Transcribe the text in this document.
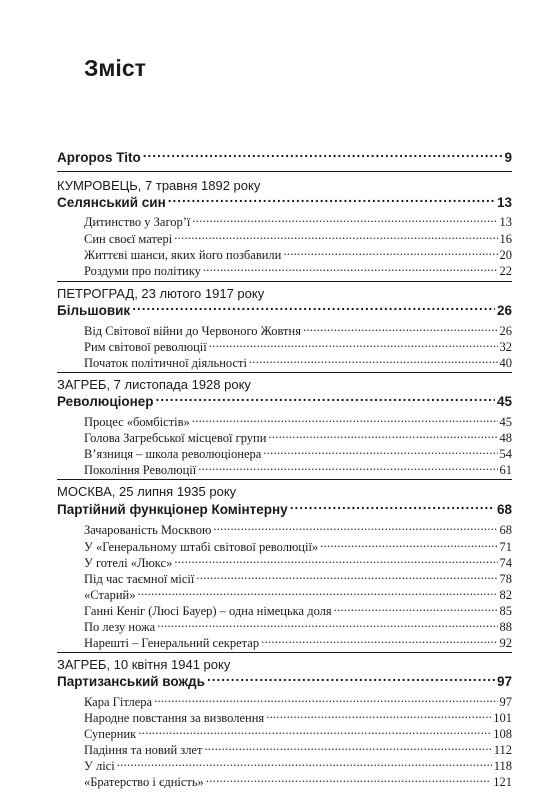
Зміст
Apropos Tito .....	9
КУМРОВЕЦЬ, 7 травня 1892 року
Селянський син .....	13
Дитинство у Загор’ї .....	13
Син своєї матері .....	16
Життєві шанси, яких його позбавили .....	20
Роздуми про політику .....	22
ПЕТРОГРАД, 23 лютого 1917 року
Більшовик .....	26
Від Світової війни до Червоного Жовтня .....	26
Рим світової революції .....	32
Початок політичної діяльності .....	40
ЗАГРЕБ, 7 листопада 1928 року
Революціонер .....	45
Процес «бомбістів» .....	45
Голова Загребської місцевої групи .....	48
В’язниця – школа революціонера .....	54
Покоління Революції .....	61
МОСКВА, 25 липня 1935 року
Партійний функціонер Комінтерну .....	68
Зачарованість Москвою .....	68
У «Генеральному штабі світової революції» .....	71
У готелі «Люкс» .....	74
Під час таємної місії .....	78
«Старий» .....	82
Ганні Кеніг (Люсі Бауер) – одна німецька доля .....	85
По лезу ножа .....	88
Нарешті – Генеральний секретар .....	92
ЗАГРЕБ, 10 квітня 1941 року
Партизанський вождь .....	97
Кара Гітлера .....	97
Народне повстання за визволення .....	101
Суперник .....	108
Падіння та новий злет .....	112
У лісі .....	118
«Братерство і єдність» .....	121
